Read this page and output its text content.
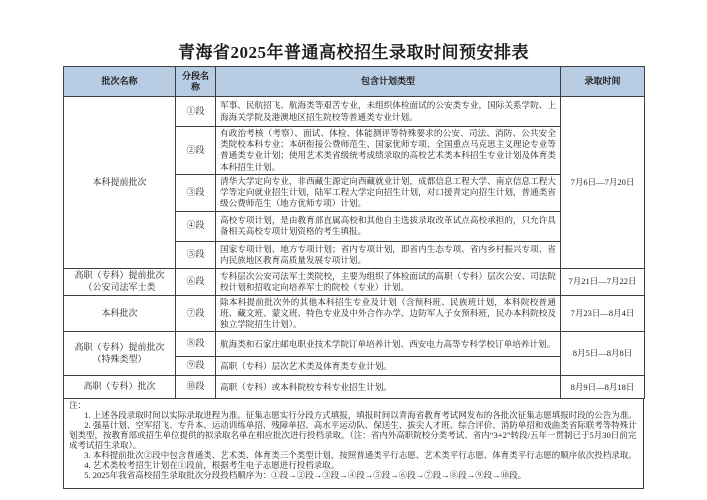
青海省2025年普通高校招生录取时间预安排表
批次名称	分段名称	包含计划类型	录取时间
本科提前批次	①段	军事、民航招飞、航海类等艰苦专业，未组织体检面试的公安类专业，国际关系学院、上海海关学院及港澳地区招生院校等普通类专业计划。	7月6日—7月20日
	②段	有政治考核（考察）、面试、体检、体能测评等特殊要求的公安、司法、消防、公共安全类院校本科专业；本研衔接公费师范生、国家优师专项、全国重点马克思主义理论专业等普通类专业计划；使用艺术类省级统考成绩录取的高校艺术类本科招生专业计划及体育类本科招生计划。	
	③段	清华大学定向专业，非西藏生源定向西藏就业计划，成都信息工程大学、南京信息工程大学等定向就业招生计划，陆军工程大学定向招生计划，对口援青定向招生计划，普通类省级公费师范生（地方优师专项）计划。	
	④段	高校专项计划，是由教育部直属高校和其他自主选拔录取改革试点高校承担的，只允许具备相关高校专项计划资格的考生填报。	
	⑤段	国家专项计划、地方专项计划；省内专项计划，即省内生态专项、省内乡村振兴专项、省内民族地区教育高质量发展专项计划。	
高职（专科）提前批次（公安司法军士类	⑥段	专科层次公安司法军士类院校，主要为组织了体检面试的高职（专科）层次公安、司法院校计划和招收定向培养军士的院校（专业）计划。	7月21日—7月22日
本科批次	⑦段	除本科提前批次外的其他本科招生专业及计划（含预科班、民族班计划，本科院校普通班、藏文班、蒙文班、特色专业及中外合作办学、边防军人子女预科班，民办本科院校及独立学院招生计划）。	7月23日—8月4日
高职（专科）提前批次（特殊类型）	⑧段	航海类和石家庄邮电职业技术学院订单培养计划、西安电力高等专科学校订单培养计划。	8月5日—8月8日
	⑨段	高职（专科）层次艺术类及体育类专业计划。	
高职（专科）批次	⑩段	高职（专科）或本科院校专科专业招生计划。	8月9日—8月18日
注：
1. 上述各段录取时间以实际录取进程为准。征集志愿实行分段方式填报，填报时间以青海省教育考试网发布的各批次征集志愿填报时段的公告为准。
2. 强基计划、空军招飞、专升本、运动训练单招、残障单招、高水平运动队、保送生、拔尖人才班、综合评价、消防单招和戏曲类省际联考等特殊计划类型，按教育部或招生单位提供的拟录取名单在相应批次进行投档录取。（注：省内外高职院校分类考试、省内“3+2”转段/五年一贯制已于5月30日前完成考试招生录取）。
3. 本科提前批次②段中包含普通类、艺术类、体育类三个类型计划，按照普通类平行志愿、艺术类平行志愿、体育类平行志愿的顺序依次投档录取。
4. 艺术类校考招生计划在①段前，根据考生电子志愿进行投档录取。
5. 2025年我省高校招生录取批次分段投档顺序为：①段→②段→③段→④段→⑤段→⑥段→⑦段→⑧段→⑨段→⑩段。
